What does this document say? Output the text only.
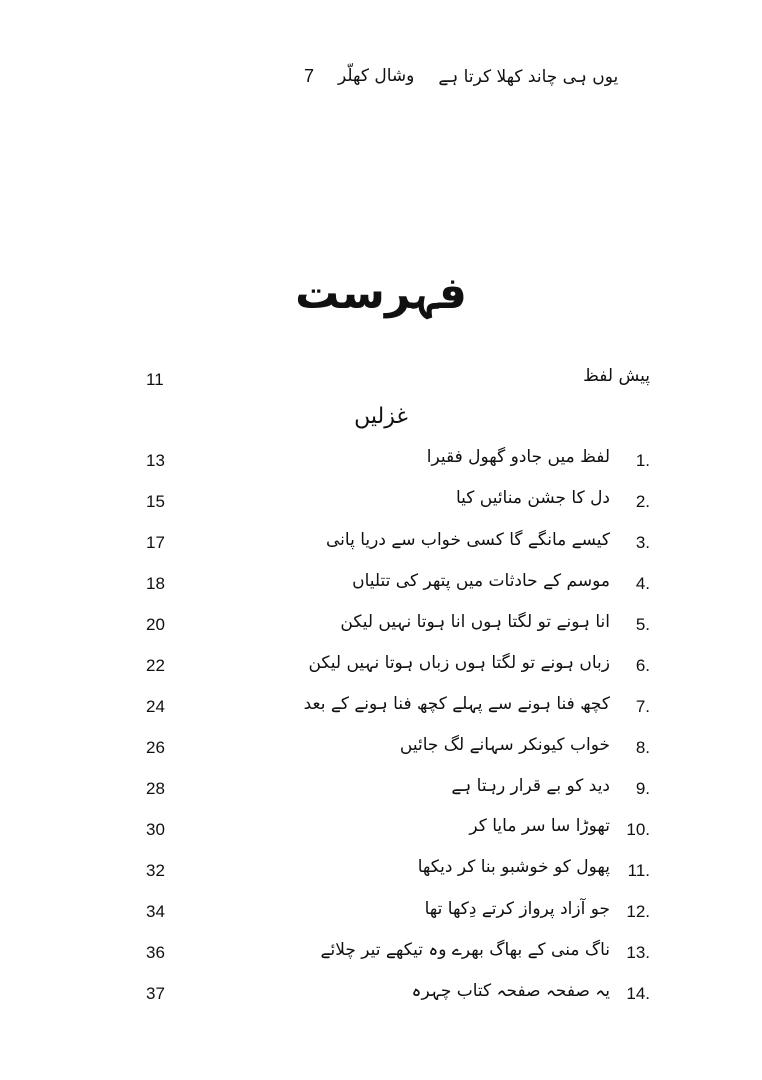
7 وشال کھلّر یوں ہی چاند کھلا کرتا ہے
فہرست
پیش لفظ
11
غزلیں
1.
لفظ میں جادو گھول فقیرا
13
2.
دل کا جشن منائیں کیا
15
3.
کیسے مانگے گا کسی خواب سے دریا پانی
17
4.
موسم کے حادثات میں پتھر کی تتلیاں
18
5.
انا ہونے تو لگتا ہوں انا ہوتا نہیں لیکن
20
6.
زباں ہونے تو لگتا ہوں زباں ہوتا نہیں لیکن
22
7.
کچھ فنا ہونے سے پہلے کچھ فنا ہونے کے بعد
24
8.
خواب کیونکر سہانے لگ جائیں
26
9.
دید کو بے قرار رہتا ہے
28
10.
تھوڑا سا سر مایا کر
30
11.
پھول کو خوشبو بنا کر دیکھا
32
12.
جو آزاد پرواز کرتے دِکھا تھا
34
13.
ناگ منی کے بھاگ بھرے وہ تیکھے تیر چلائے
36
14.
یہ صفحہ صفحہ کتاب چہرہ
37
